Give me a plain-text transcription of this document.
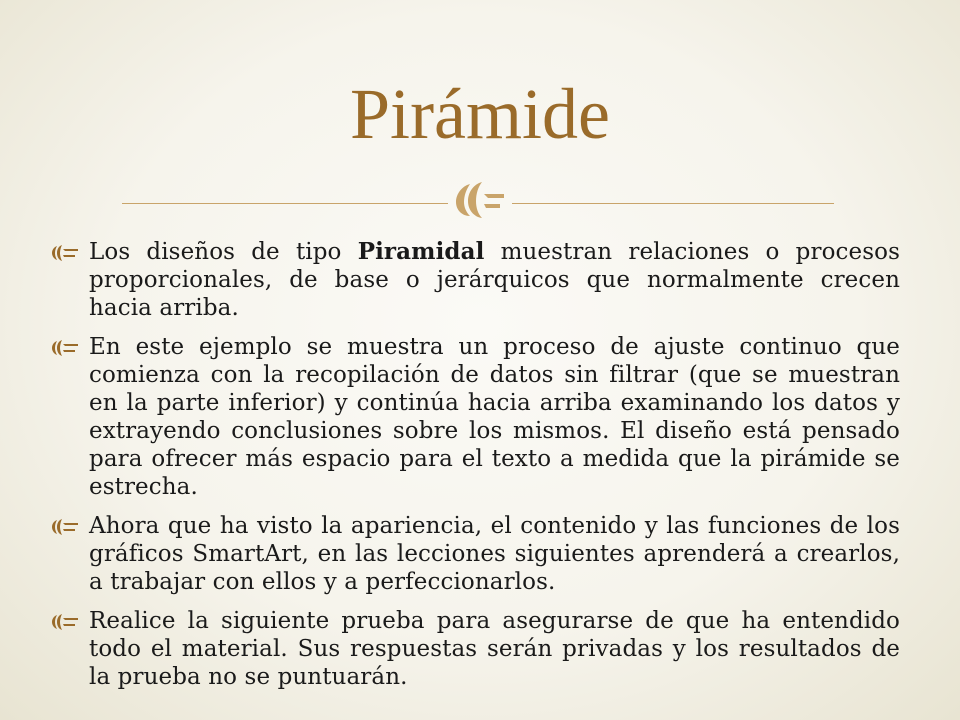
Pirámide
Los diseños de tipo Piramidal muestran relaciones o procesos proporcionales, de base o jerárquicos que normalmente crecen hacia arriba.
En este ejemplo se muestra un proceso de ajuste continuo que comienza con la recopilación de datos sin filtrar (que se muestran en la parte inferior) y continúa hacia arriba examinando los datos y extrayendo conclusiones sobre los mismos. El diseño está pensado para ofrecer más espacio para el texto a medida que la pirámide se estrecha.
Ahora que ha visto la apariencia, el contenido y las funciones de los gráficos SmartArt, en las lecciones siguientes aprenderá a crearlos, a trabajar con ellos y a perfeccionarlos.
Realice la siguiente prueba para asegurarse de que ha entendido todo el material. Sus respuestas serán privadas y los resultados de la prueba no se puntuarán.
